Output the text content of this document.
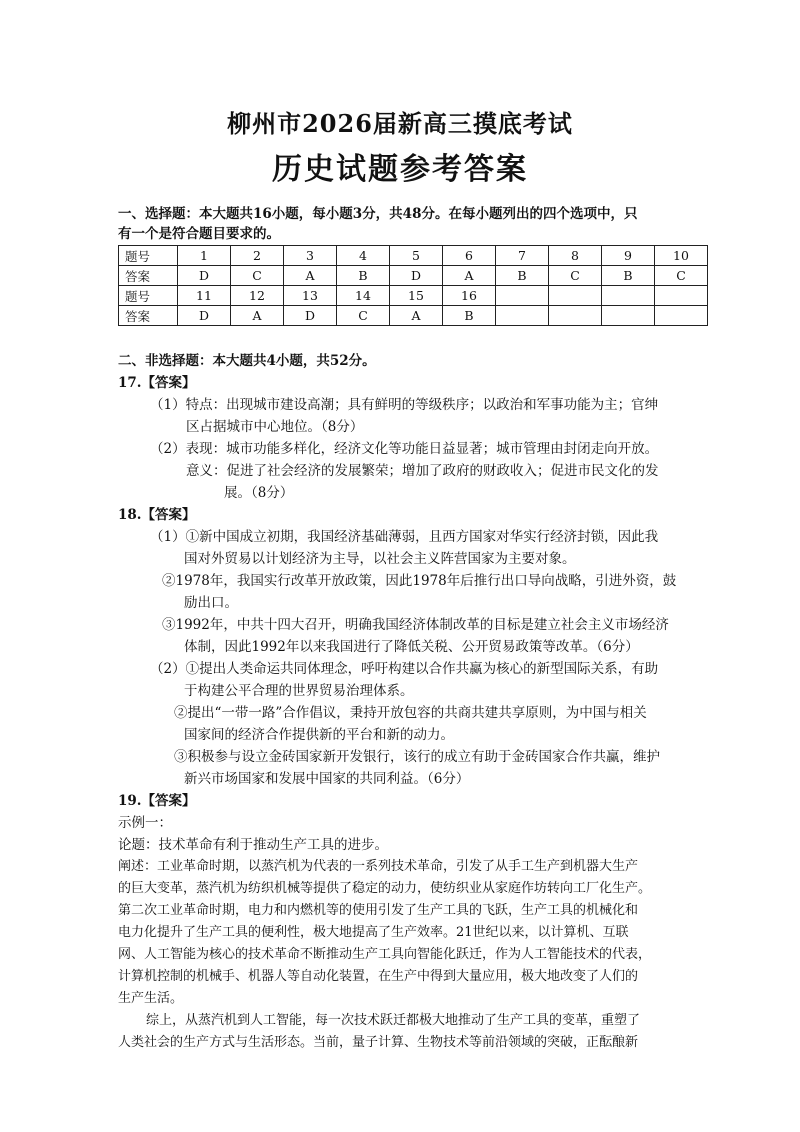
柳州市2026届新高三摸底考试
历史试题参考答案
一、选择题：本大题共16小题，每小题3分，共48分。在每小题列出的四个选项中，只
有一个是符合题目要求的。
题号	1	2	3	4	5	6	7	8	9	10
答案	D	C	A	B	D	A	B	C	B	C
题号	11	12	13	14	15	16				
答案	D	A	D	C	A	B				
二、非选择题：本大题共4小题，共52分。
17.【答案】
（1）特点：出现城市建设高潮；具有鲜明的等级秩序；以政治和军事功能为主；官绅
区占据城市中心地位。（8分）
（2）表现：城市功能多样化，经济文化等功能日益显著；城市管理由封闭走向开放。
意义：促进了社会经济的发展繁荣；增加了政府的财政收入；促进市民文化的发
展。（8分）
18.【答案】
（1）①新中国成立初期，我国经济基础薄弱，且西方国家对华实行经济封锁，因此我
国对外贸易以计划经济为主导，以社会主义阵营国家为主要对象。
②1978年，我国实行改革开放政策，因此1978年后推行出口导向战略，引进外资，鼓
励出口。
③1992年，中共十四大召开，明确我国经济体制改革的目标是建立社会主义市场经济
体制，因此1992年以来我国进行了降低关税、公开贸易政策等改革。（6分）
（2）①提出人类命运共同体理念，呼吁构建以合作共赢为核心的新型国际关系，有助
于构建公平合理的世界贸易治理体系。
②提出“一带一路”合作倡议，秉持开放包容的共商共建共享原则，为中国与相关
国家间的经济合作提供新的平台和新的动力。
③积极参与设立金砖国家新开发银行，该行的成立有助于金砖国家合作共赢，维护
新兴市场国家和发展中国家的共同利益。（6分）
19.【答案】
示例一：
论题：技术革命有利于推动生产工具的进步。
阐述：工业革命时期，以蒸汽机为代表的一系列技术革命，引发了从手工生产到机器大生产
的巨大变革，蒸汽机为纺织机械等提供了稳定的动力，使纺织业从家庭作坊转向工厂化生产。
第二次工业革命时期，电力和内燃机等的使用引发了生产工具的飞跃，生产工具的机械化和
电力化提升了生产工具的便利性，极大地提高了生产效率。21世纪以来，以计算机、互联
网、人工智能为核心的技术革命不断推动生产工具向智能化跃迁，作为人工智能技术的代表，
计算机控制的机械手、机器人等自动化装置，在生产中得到大量应用，极大地改变了人们的
生产生活。
综上，从蒸汽机到人工智能，每一次技术跃迁都极大地推动了生产工具的变革，重塑了
人类社会的生产方式与生活形态。当前，量子计算、生物技术等前沿领域的突破，正酝酿新
